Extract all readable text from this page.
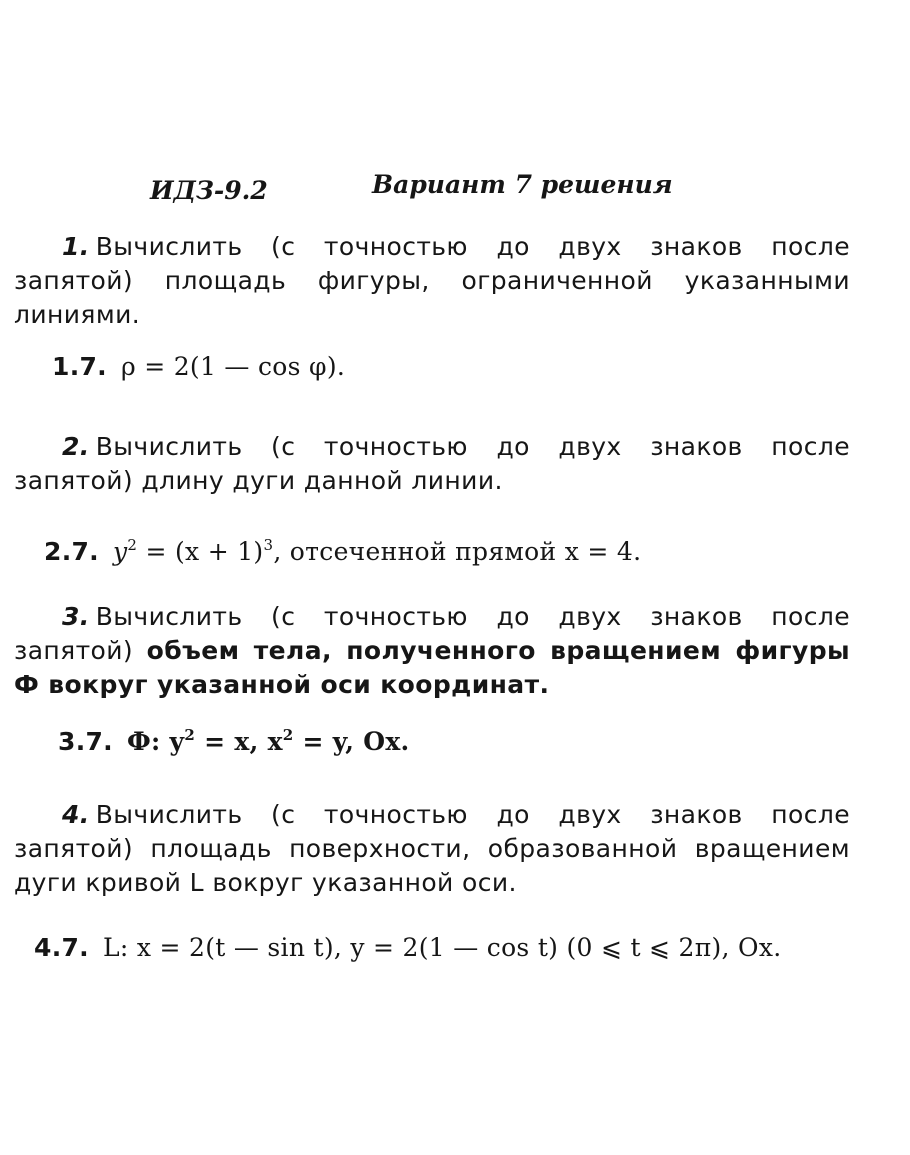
ИДЗ-9.2	Вариант 7 решения
1. Вычислить (с точностью до двух знаков после запятой) площадь фигуры, ограниченной указанными линиями.
1.7. ρ = 2(1 — cos φ).
2. Вычислить (с точностью до двух знаков после запятой) длину дуги данной линии.
2.7. $y^2 = (x + 1)^3$, отсеченной прямой x = 4.
3. Вычислить (с точностью до двух знаков после запятой) объем тела, полученного вращением фигуры Ф вокруг указанной оси координат.
3.7. Ф: $y^2 = x$, $x^2 = y$, Ox.
4. Вычислить (с точностью до двух знаков после запятой) площадь поверхности, образованной вращением дуги кривой L вокруг указанной оси.
4.7. L: x = 2(t — sin t), y = 2(1 — cos t) (0 ⩽ t ⩽ 2π), Ox.
